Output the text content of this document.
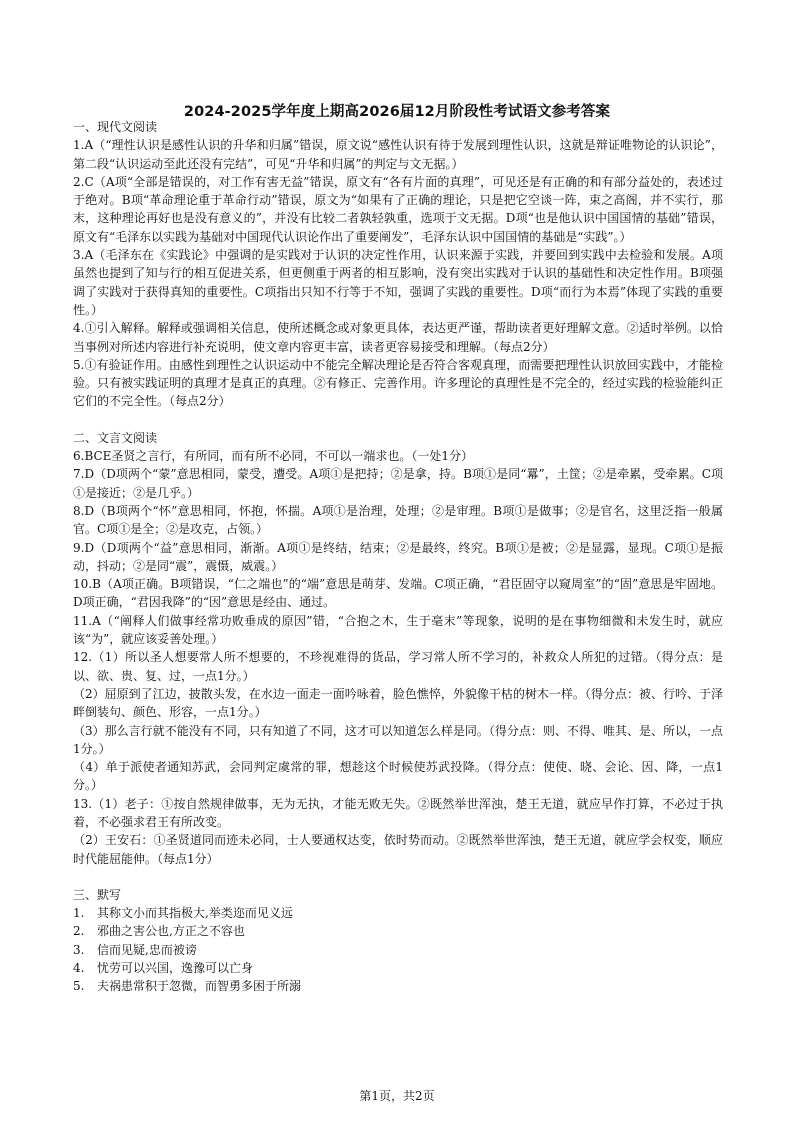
2024-2025学年度上期高2026届12月阶段性考试语文参考答案

一、现代文阅读

1.A（“理性认识是感性认识的升华和归属”错误，原文说“感性认识有待于发展到理性认识，这就是辩证唯物论的认识论”，第二段“认识运动至此还没有完结”，可见“升华和归属”的判定与文无据。）

2.C（A项“全部是错误的，对工作有害无益”错误，原文有“各有片面的真理”，可见还是有正确的和有部分益处的，表述过于绝对。B项“革命理论重于革命行动”错误，原文为“如果有了正确的理论，只是把它空谈一阵，束之高阁，并不实行，那末，这种理论再好也是没有意义的”，并没有比较二者孰轻孰重，选项于文无据。D项“也是他认识中国国情的基础”错误，原文有“毛泽东以实践为基础对中国现代认识论作出了重要阐发”，毛泽东认识中国国情的基础是“实践”。）

3.A（毛泽东在《实践论》中强调的是实践对于认识的决定性作用，认识来源于实践，并要回到实践中去检验和发展。A项虽然也提到了知与行的相互促进关系，但更侧重于两者的相互影响，没有突出实践对于认识的基础性和决定性作用。B项强调了实践对于获得真知的重要性。C项指出只知不行等于不知，强调了实践的重要性。D项“而行为本焉”体现了实践的重要性。）

4.①引入解释。解释或强调相关信息，使所述概念或对象更具体，表达更严谨，帮助读者更好理解文意。②适时举例。以恰当事例对所述内容进行补充说明，使文章内容更丰富，读者更容易接受和理解。（每点2分）

5.①有验证作用。由感性到理性之认识运动中不能完全解决理论是否符合客观真理，而需要把理性认识放回实践中，才能检验。只有被实践证明的真理才是真正的真理。②有修正、完善作用。许多理论的真理性是不完全的，经过实践的检验能纠正它们的不完全性。（每点2分）

二、文言文阅读

6.BCE圣贤之言行，有所同，而有所不必同，不可以一端求也。（一处1分）

7.D（D项两个“蒙”意思相同，蒙受，遭受。A项①是把持；②是拿，持。B项①是同“羃”，土筐；②是牵累，受牵累。C项①是接近；②是几乎。）

8.D（B项两个“怀”意思相同，怀抱，怀揣。A项①是治理，处理；②是审理。B项①是做事；②是官名，这里泛指一般属官。C项①是全；②是攻克，占领。）

9.D（D项两个“益”意思相同，渐渐。A项①是终结，结束；②是最终，终究。B项①是被；②是显露，显现。C项①是振动，抖动；②是同“震”，震慑，威震。）

10.B（A项正确。B项错误，“仁之端也”的“端”意思是萌芽、发端。C项正确，“君臣固守以窥周室”的“固”意思是牢固地。D项正确，“君因我降”的“因”意思是经由、通过。

11.A（“阐释人们做事经常功败垂成的原因”错，“合抱之木，生于毫末”等现象，说明的是在事物细微和未发生时，就应该“为”，就应该妥善处理。）

12.（1）所以圣人想要常人所不想要的，不珍视难得的货品，学习常人所不学习的，补救众人所犯的过错。（得分点：是以、欲、贵、复、过，一点1分。）

（2）屈原到了江边，披散头发，在水边一面走一面吟咏着，脸色憔悴，外貌像干枯的树木一样。（得分点：被、行吟、于泽畔倒装句、颜色、形容，一点1分。）

（3）那么言行就不能没有不同，只有知道了不同，这才可以知道怎么样是同。（得分点：则、不得、唯其、是、所以，一点1分。）

（4）单于派使者通知苏武，会同判定虞常的罪，想趁这个时候使苏武投降。（得分点：使使、晓、会论、因、降，一点1分。）

13.（1）老子：①按自然规律做事，无为无执，才能无败无失。②既然举世浑浊，楚王无道，就应早作打算，不必过于执着，不必强求君王有所改变。

（2）王安石：①圣贤道同而迹未必同，士人要通权达变，依时势而动。②既然举世浑浊，楚王无道，就应学会权变，顺应时代能屈能伸。（每点1分）

三、默写

1.	其称文小而其指极大,举类迩而见义远
2.	邪曲之害公也,方正之不容也
3.	信而见疑,忠而被谤
4.	忧劳可以兴国，逸豫可以亡身
5.	夫祸患常积于忽微，而智勇多困于所溺
第1页，共2页
